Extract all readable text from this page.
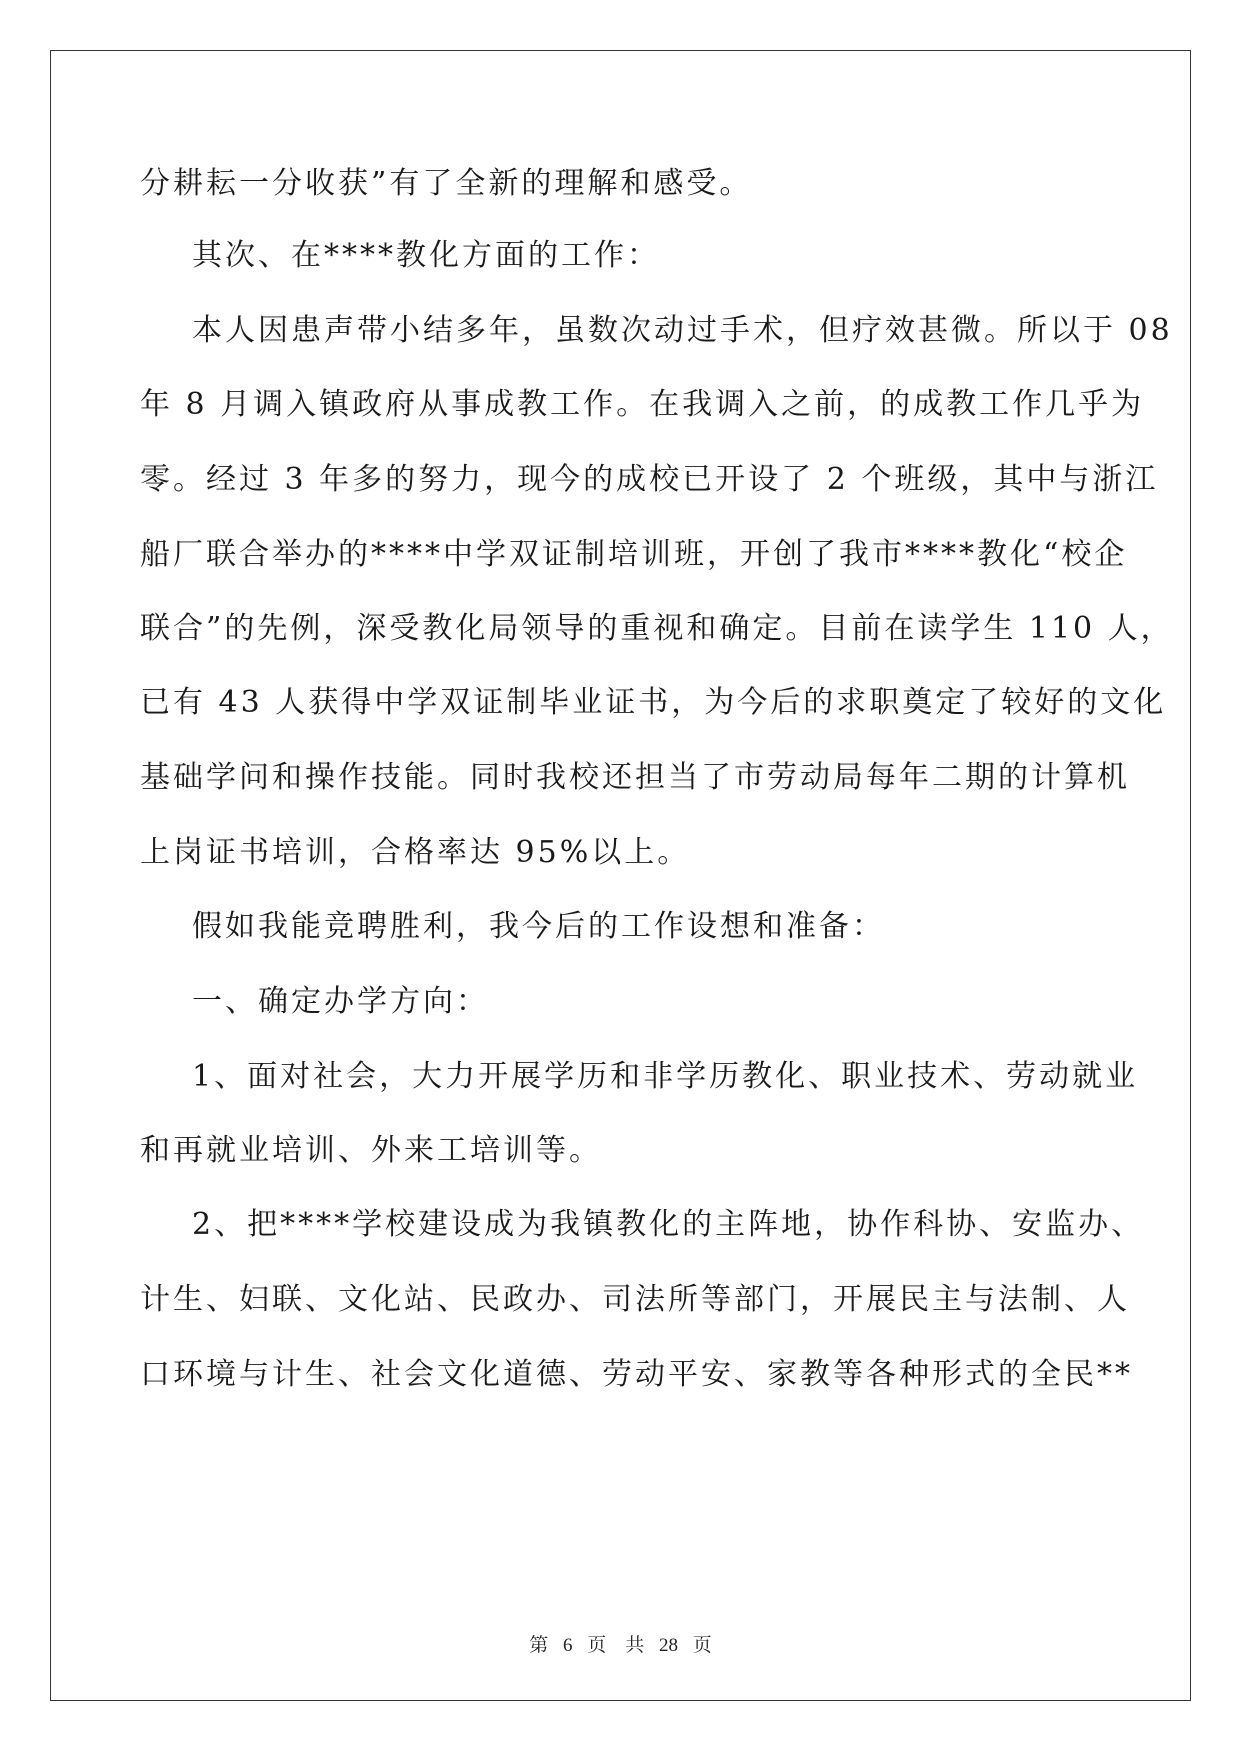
分耕耘一分收获”有了全新的理解和感受。
其次、在****教化方面的工作：
本人因患声带小结多年，虽数次动过手术，但疗效甚微。所以于 08
年 8 月调入镇政府从事成教工作。在我调入之前，的成教工作几乎为
零。经过 3 年多的努力，现今的成校已开设了 2 个班级，其中与浙江
船厂联合举办的****中学双证制培训班，开创了我市****教化“校企
联合”的先例，深受教化局领导的重视和确定。目前在读学生 110 人，
已有 43 人获得中学双证制毕业证书，为今后的求职奠定了较好的文化
基础学问和操作技能。同时我校还担当了市劳动局每年二期的计算机
上岗证书培训，合格率达 95%以上。
假如我能竞聘胜利，我今后的工作设想和准备：
一、确定办学方向：
1、面对社会，大力开展学历和非学历教化、职业技术、劳动就业
和再就业培训、外来工培训等。
2、把****学校建设成为我镇教化的主阵地，协作科协、安监办、
计生、妇联、文化站、民政办、司法所等部门，开展民主与法制、人
口环境与计生、社会文化道德、劳动平安、家教等各种形式的全民**
第 6 页　共 28 页
